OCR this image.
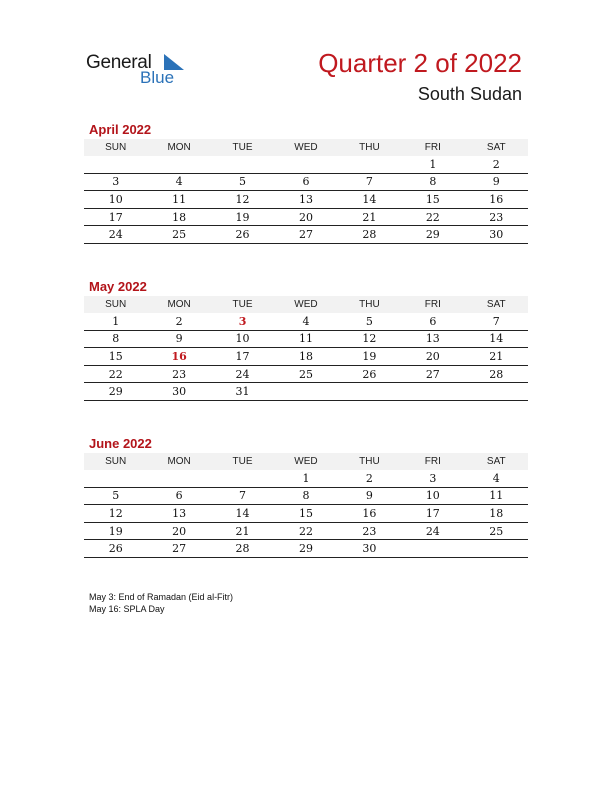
General
Blue	Quarter 2 of 2022
South Sudan
April 2022
SUN	MON	TUE	WED	THU	FRI	SAT
					1	2
3	4	5	6	7	8	9
10	11	12	13	14	15	16
17	18	19	20	21	22	23
24	25	26	27	28	29	30
May 2022
SUN	MON	TUE	WED	THU	FRI	SAT
1	2	3	4	5	6	7
8	9	10	11	12	13	14
15	16	17	18	19	20	21
22	23	24	25	26	27	28
29	30	31				
June 2022
SUN	MON	TUE	WED	THU	FRI	SAT
			1	2	3	4
5	6	7	8	9	10	11
12	13	14	15	16	17	18
19	20	21	22	23	24	25
26	27	28	29	30		
May 3: End of Ramadan (Eid al-Fitr)
May 16: SPLA Day
